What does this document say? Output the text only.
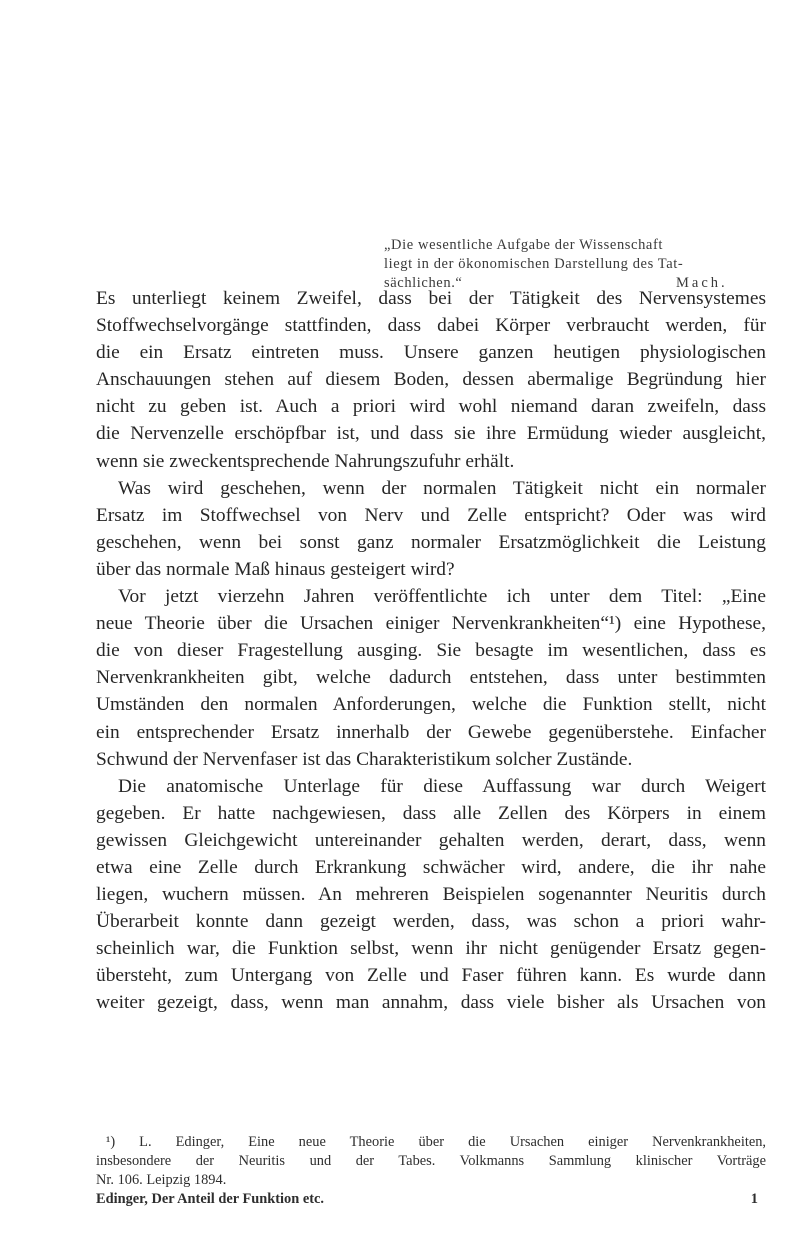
„Die wesentliche Aufgabe der Wissenschaft
liegt in der ökonomischen Darstellung des Tat-
sächlichen.“	Mach.
Es unterliegt keinem Zweifel, dass bei der Tätigkeit des Nervensystemes
Stoffwechselvorgänge stattfinden, dass dabei Körper verbraucht werden, für
die ein Ersatz eintreten muss. Unsere ganzen heutigen physiologischen
Anschauungen stehen auf diesem Boden, dessen abermalige Begründung hier
nicht zu geben ist. Auch a priori wird wohl niemand daran zweifeln, dass
die Nervenzelle erschöpfbar ist, und dass sie ihre Ermüdung wieder ausgleicht,
wenn sie zweckentsprechende Nahrungszufuhr erhält.
Was wird geschehen, wenn der normalen Tätigkeit nicht ein normaler
Ersatz im Stoffwechsel von Nerv und Zelle entspricht? Oder was wird
geschehen, wenn bei sonst ganz normaler Ersatzmöglichkeit die Leistung
über das normale Maß hinaus gesteigert wird?
Vor jetzt vierzehn Jahren veröffentlichte ich unter dem Titel: „Eine
neue Theorie über die Ursachen einiger Nervenkrankheiten“¹) eine Hypothese,
die von dieser Fragestellung ausging. Sie besagte im wesentlichen, dass es
Nervenkrankheiten gibt, welche dadurch entstehen, dass unter bestimmten
Umständen den normalen Anforderungen, welche die Funktion stellt, nicht
ein entsprechender Ersatz innerhalb der Gewebe gegenüberstehe. Einfacher
Schwund der Nervenfaser ist das Charakteristikum solcher Zustände.
Die anatomische Unterlage für diese Auffassung war durch Weigert
gegeben. Er hatte nachgewiesen, dass alle Zellen des Körpers in einem
gewissen Gleichgewicht untereinander gehalten werden, derart, dass, wenn
etwa eine Zelle durch Erkrankung schwächer wird, andere, die ihr nahe
liegen, wuchern müssen. An mehreren Beispielen sogenannter Neuritis durch
Überarbeit konnte dann gezeigt werden, dass, was schon a priori wahr-
scheinlich war, die Funktion selbst, wenn ihr nicht genügender Ersatz gegen-
übersteht, zum Untergang von Zelle und Faser führen kann. Es wurde dann
weiter gezeigt, dass, wenn man annahm, dass viele bisher als Ursachen von
¹) L. Edinger, Eine neue Theorie über die Ursachen einiger Nervenkrankheiten,
insbesondere der Neuritis und der Tabes. Volkmanns Sammlung klinischer Vorträge
Nr. 106. Leipzig 1894.
Edinger, Der Anteil der Funktion etc.	1
